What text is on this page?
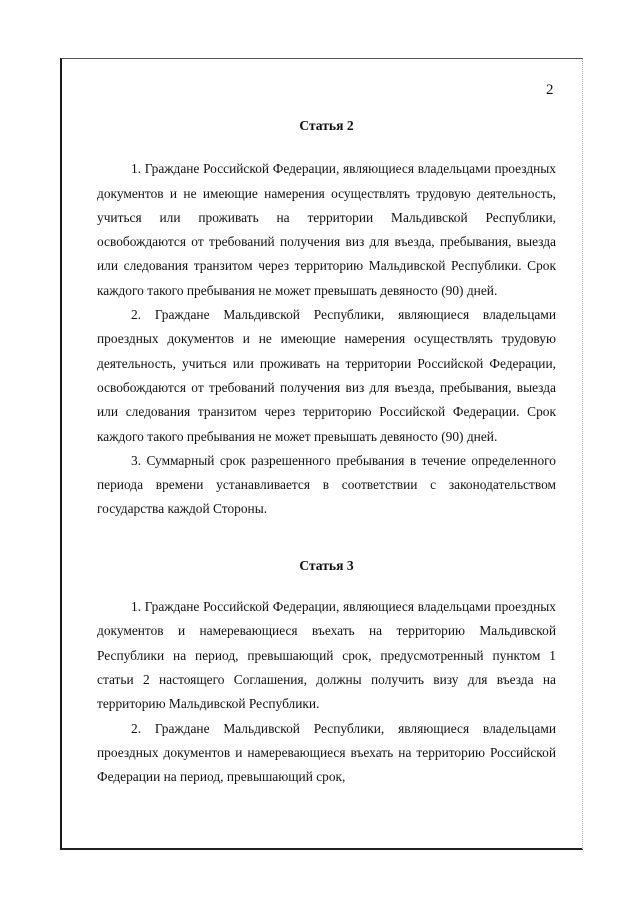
2
Статья 2

1. Граждане Российской Федерации, являющиеся владельцами проездных документов и не имеющие намерения осуществлять трудовую деятельность, учиться или проживать на территории Мальдивской Республики, освобождаются от требований получения виз для въезда, пребывания, выезда или следования транзитом через территорию Мальдивской Республики. Срок каждого такого пребывания не может превышать девяносто (90) дней.

2. Граждане Мальдивской Республики, являющиеся владельцами проездных документов и не имеющие намерения осуществлять трудовую деятельность, учиться или проживать на территории Российской Федерации, освобождаются от требований получения виз для въезда, пребывания, выезда или следования транзитом через территорию Российской Федерации. Срок каждого такого пребывания не может превышать девяносто (90) дней.

3. Суммарный срок разрешенного пребывания в течение определенного периода времени устанавливается в соответствии с законодательством государства каждой Стороны.

Статья 3

1. Граждане Российской Федерации, являющиеся владельцами проездных документов и намеревающиеся въехать на территорию Мальдивской Республики на период, превышающий срок, предусмотренный пунктом 1 статьи 2 настоящего Соглашения, должны получить визу для въезда на территорию Мальдивской Республики.

2. Граждане Мальдивской Республики, являющиеся владельцами проездных документов и намеревающиеся въехать на территорию Российской Федерации на период, превышающий срок,
